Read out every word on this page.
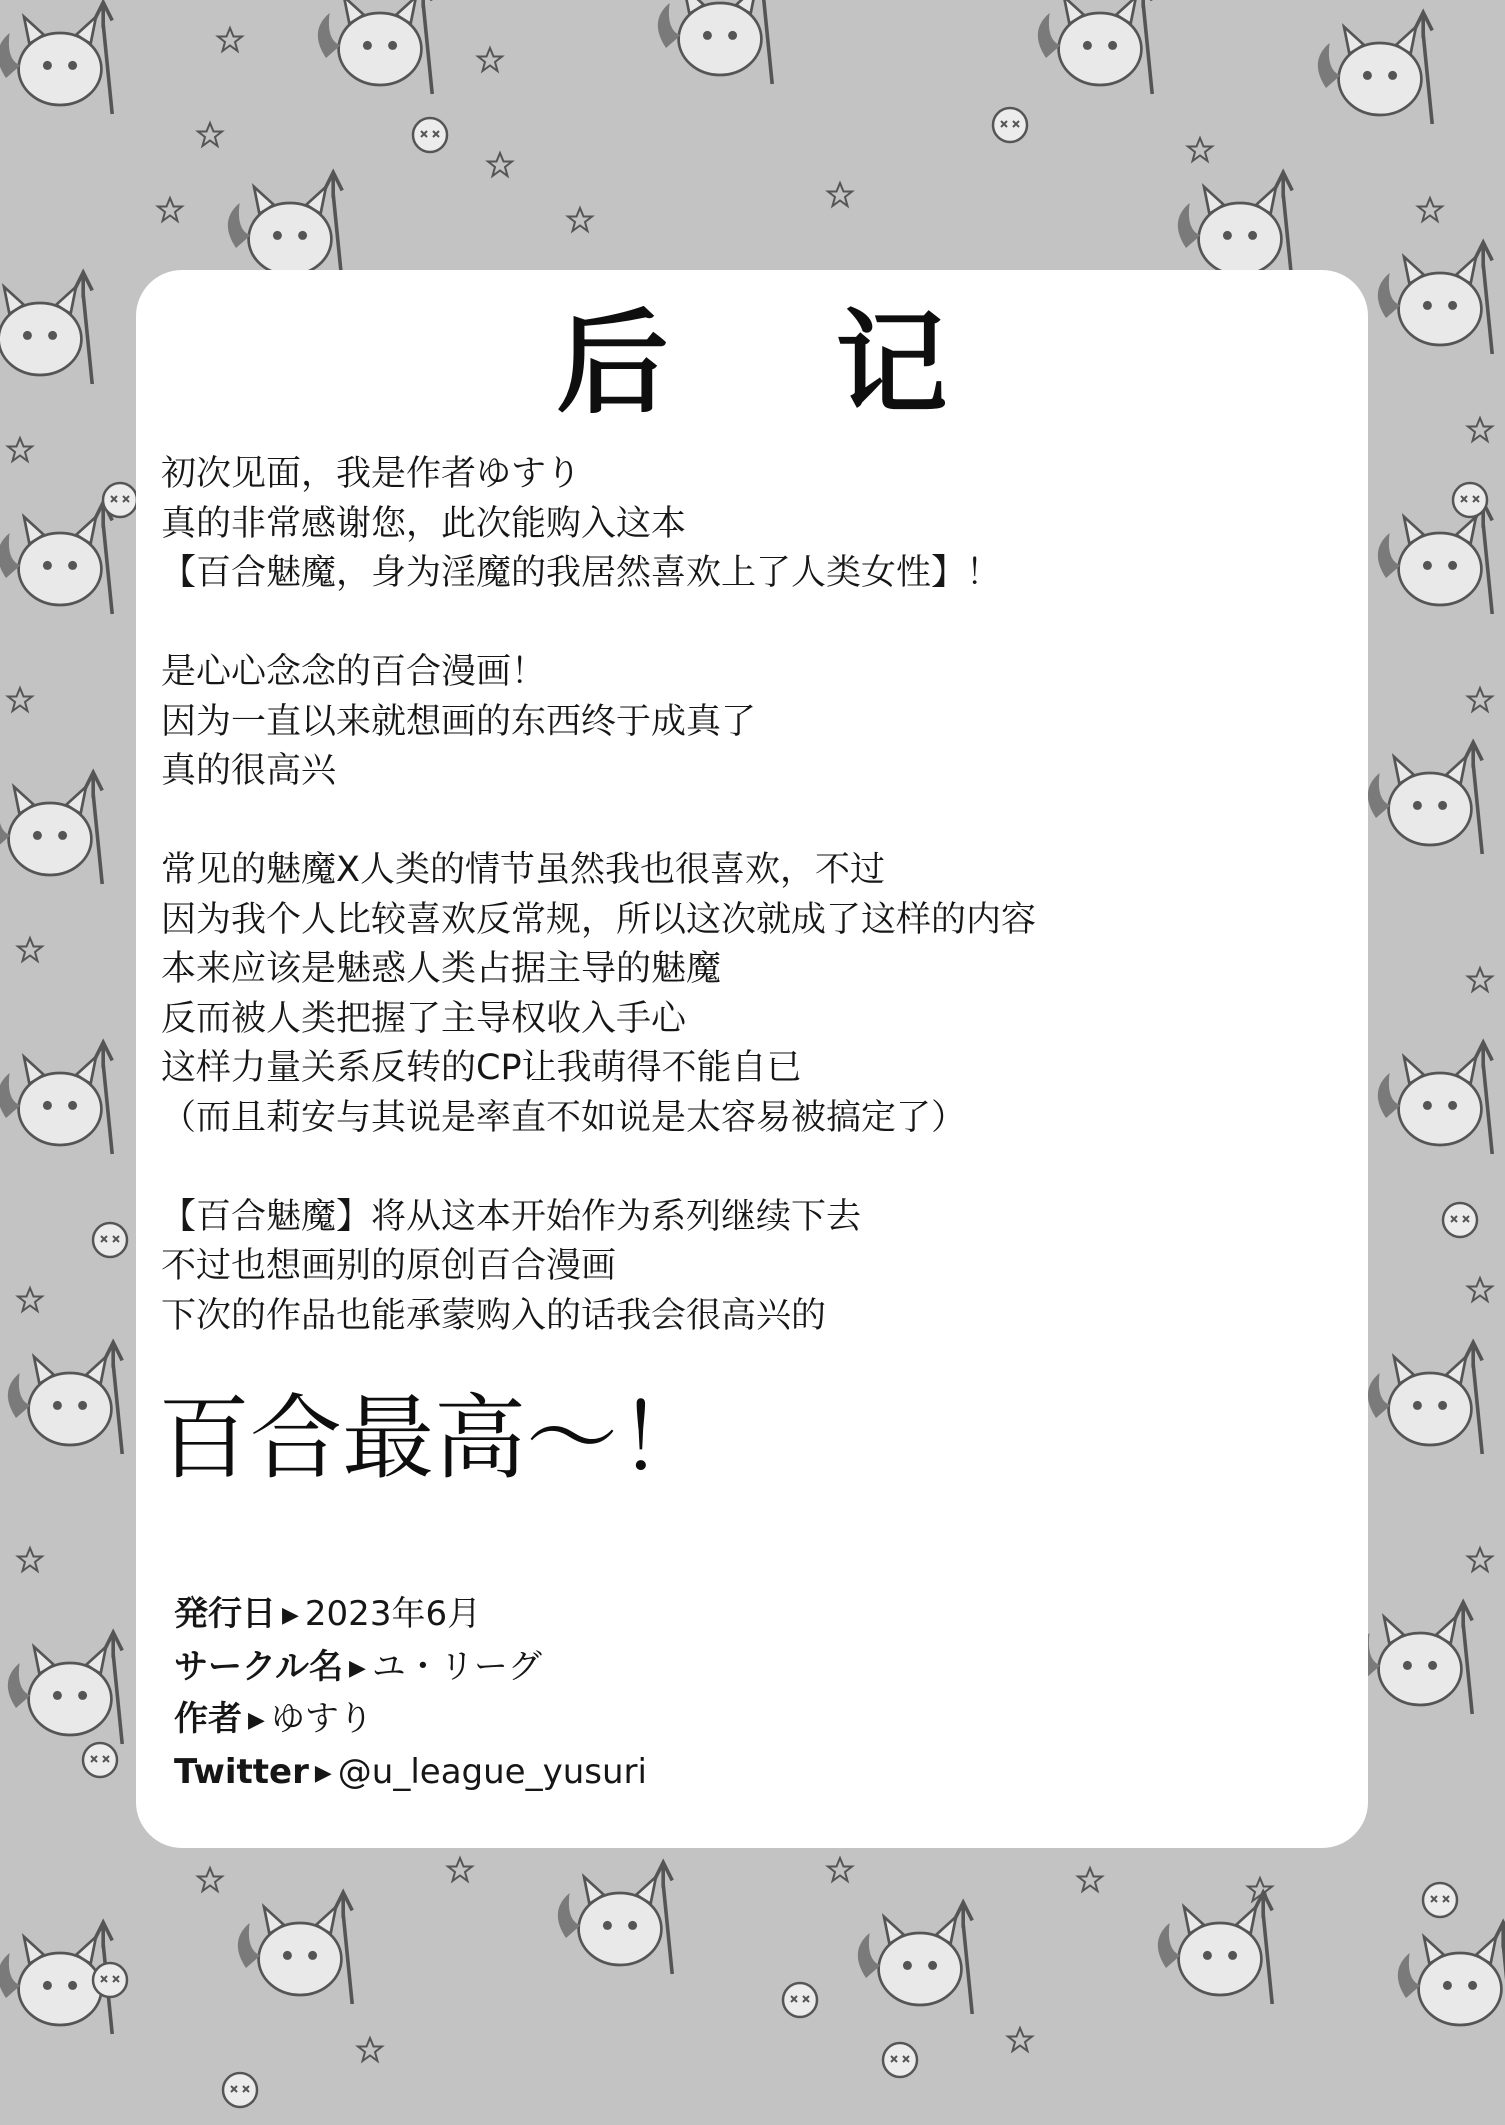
后 记
初次见面，我是作者ゆすり
真的非常感谢您，此次能购入这本
【百合魅魔，身为淫魔的我居然喜欢上了人类女性】！
是心心念念的百合漫画！
因为一直以来就想画的东西终于成真了
真的很高兴
常见的魅魔X人类的情节虽然我也很喜欢，不过
因为我个人比较喜欢反常规，所以这次就成了这样的内容
本来应该是魅惑人类占据主导的魅魔
反而被人类把握了主导权收入手心
这样力量关系反转的CP让我萌得不能自已
（而且莉安与其说是率直不如说是太容易被搞定了）
【百合魅魔】将从这本开始作为系列继续下去
不过也想画别的原创百合漫画
下次的作品也能承蒙购入的话我会很高兴的
百合最高～！
発行日 ▶ 2023年6月
サークル名 ▶ ユ・リーグ
作者 ▶ ゆすり
Twitter ▶ @u_league_yusuri
